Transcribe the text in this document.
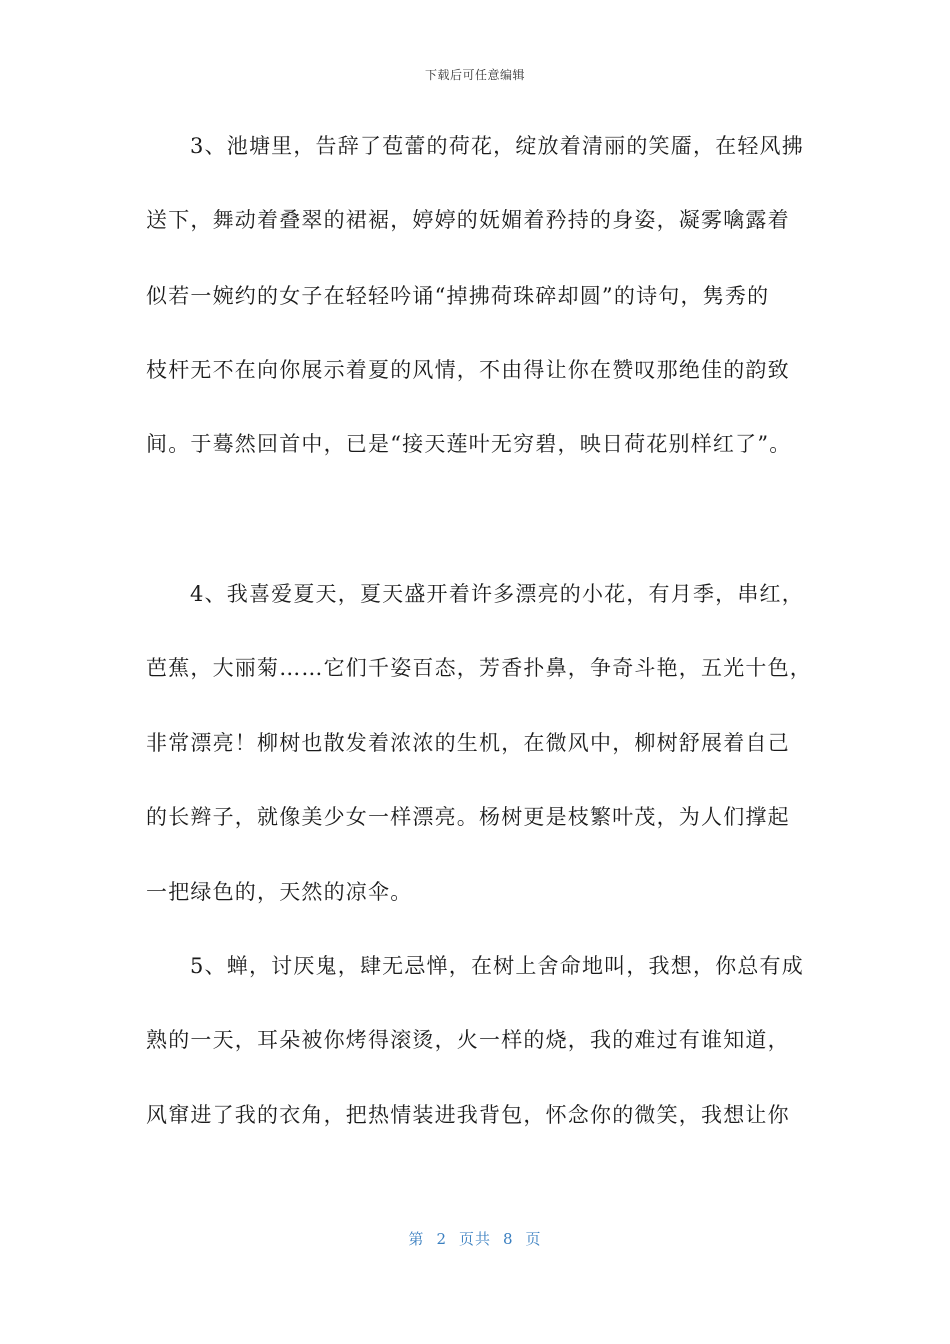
下载后可任意编辑
3、池塘里，告辞了苞蕾的荷花，绽放着清丽的笑靥，在轻风拂
送下，舞动着叠翠的裙裾，婷婷的妩媚着矜持的身姿，凝雾噙露着
似若一婉约的女子在轻轻吟诵“掉拂荷珠碎却圆”的诗句，隽秀的
枝杆无不在向你展示着夏的风情，不由得让你在赞叹那绝佳的韵致
间。于蓦然回首中，已是“接天莲叶无穷碧，映日荷花别样红了”。
4、我喜爱夏天，夏天盛开着许多漂亮的小花，有月季，串红，
芭蕉，大丽菊……它们千姿百态，芳香扑鼻，争奇斗艳，五光十色，
非常漂亮！柳树也散发着浓浓的生机，在微风中，柳树舒展着自己
的长辫子，就像美少女一样漂亮。杨树更是枝繁叶茂，为人们撑起
一把绿色的，天然的凉伞。
5、蝉，讨厌鬼，肆无忌惮，在树上舍命地叫，我想，你总有成
熟的一天，耳朵被你烤得滚烫，火一样的烧，我的难过有谁知道，
风窜进了我的衣角，把热情装进我背包，怀念你的微笑，我想让你
第 2 页共 8 页
